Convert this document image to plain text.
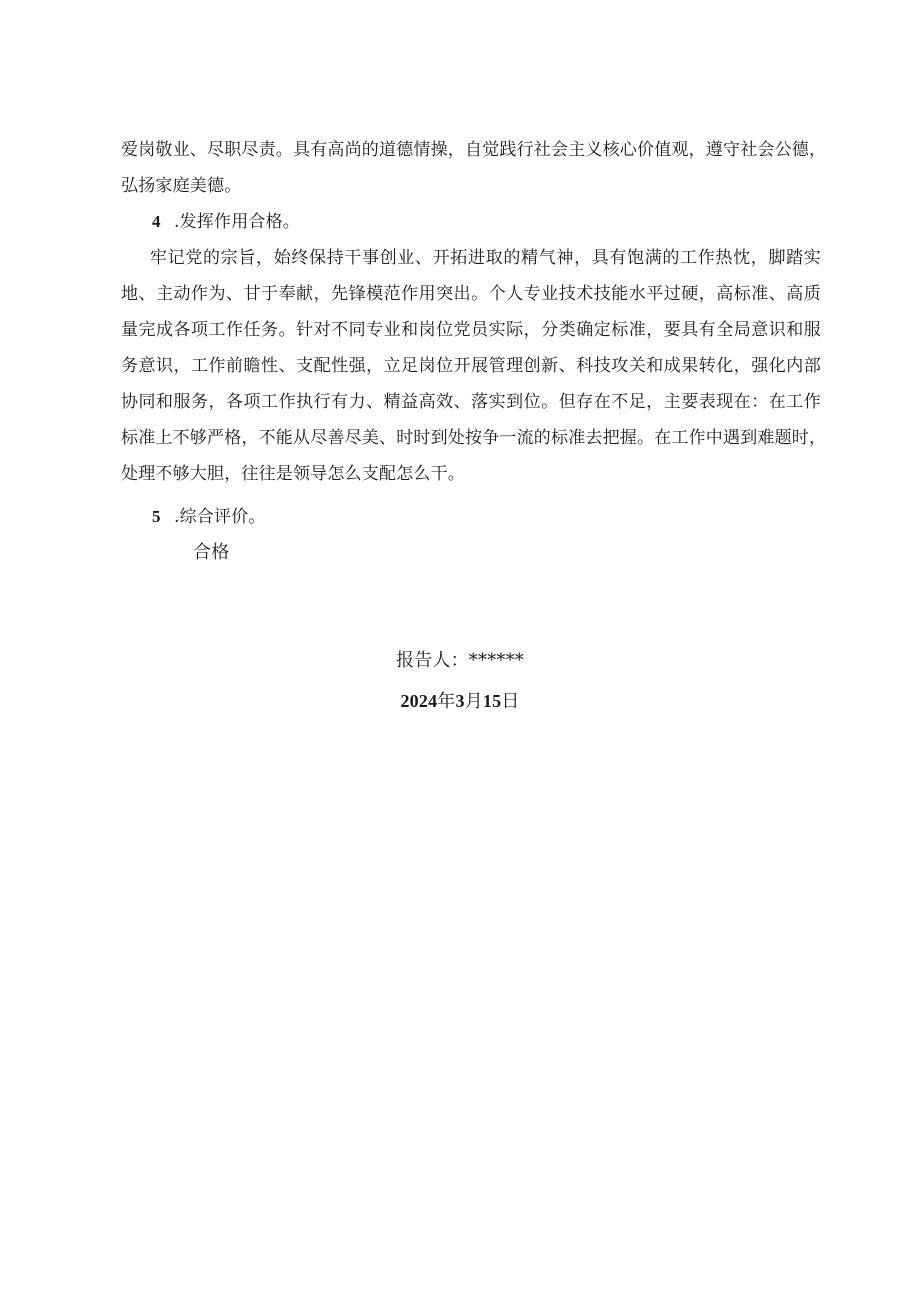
爱岗敬业、尽职尽责。具有高尚的道德情操，自觉践行社会主义核心价值观，遵守社会公德，
弘扬家庭美德。
4 .发挥作用合格。
牢记党的宗旨，始终保持干事创业、开拓进取的精气神，具有饱满的工作热忱，脚踏实
地、主动作为、甘于奉献，先锋模范作用突出。个人专业技术技能水平过硬，高标准、高质
量完成各项工作任务。针对不同专业和岗位党员实际，分类确定标准，要具有全局意识和服
务意识，工作前瞻性、支配性强，立足岗位开展管理创新、科技攻关和成果转化，强化内部
协同和服务，各项工作执行有力、精益高效、落实到位。但存在不足，主要表现在：在工作
标准上不够严格，不能从尽善尽美、时时到处按争一流的标准去把握。在工作中遇到难题时，
处理不够大胆，往往是领导怎么支配怎么干。
5 .综合评价。
合格
报告人：******
2024年3月15日
